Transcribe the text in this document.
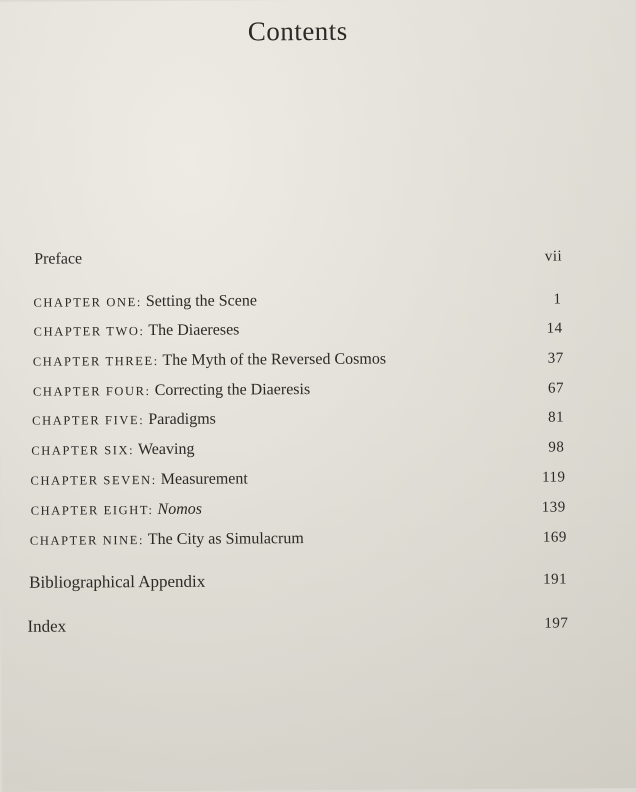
Contents
Preface	vii
CHAPTER ONE: Setting the Scene	1
CHAPTER TWO: The Diaereses	14
CHAPTER THREE: The Myth of the Reversed Cosmos	37
CHAPTER FOUR: Correcting the Diaeresis	67
CHAPTER FIVE: Paradigms	81
CHAPTER SIX: Weaving	98
CHAPTER SEVEN: Measurement	119
CHAPTER EIGHT: Nomos	139
CHAPTER NINE: The City as Simulacrum	169
Bibliographical Appendix	191
Index	197
